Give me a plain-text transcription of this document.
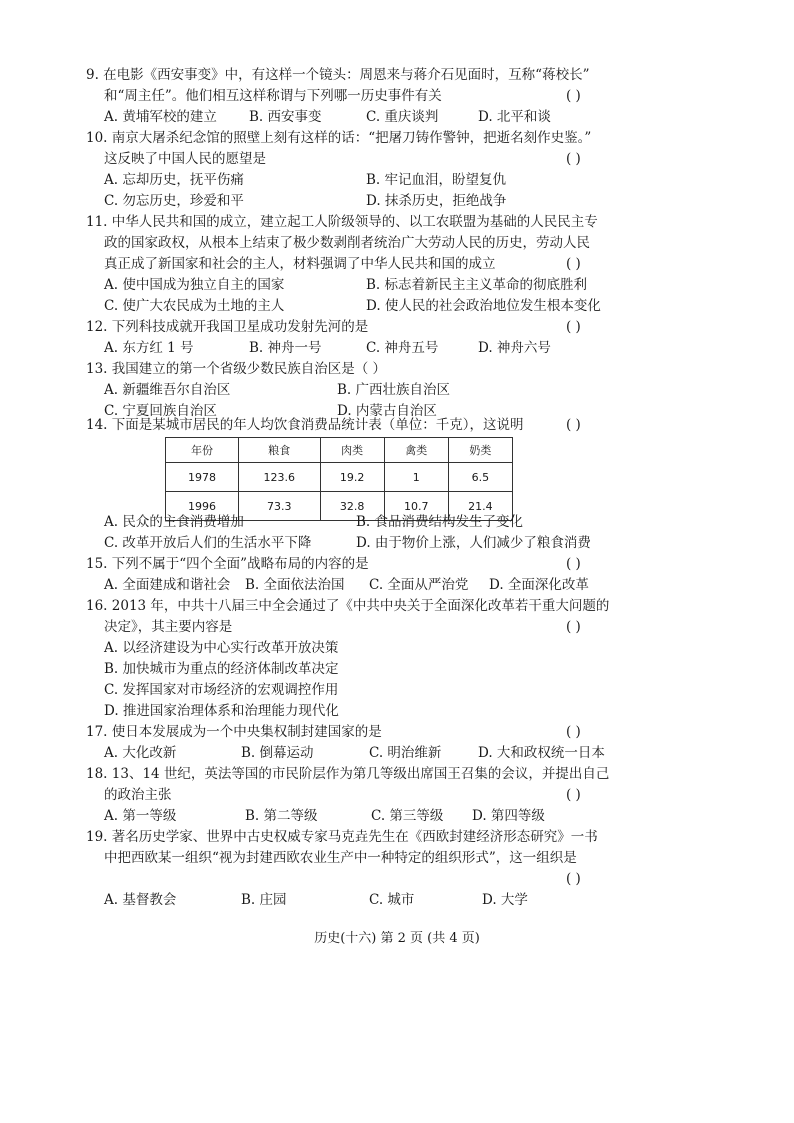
9. 在电影《西安事变》中，有这样一个镜头：周恩来与蒋介石见面时，互称“蒋校长”
和“周主任”。他们相互这样称谓与下列哪一历史事件有关	( )
A. 黄埔军校的建立 B. 西安事变	C. 重庆谈判	D. 北平和谈
10. 南京大屠杀纪念馆的照壁上刻有这样的话：“把屠刀铸作警钟，把逝名刻作史鉴。”
这反映了中国人民的愿望是	( )
A. 忘却历史，抚平伤痛	B. 牢记血泪，盼望复仇
C. 勿忘历史，珍爱和平	D. 抹杀历史，拒绝战争
11. 中华人民共和国的成立，建立起工人阶级领导的、以工农联盟为基础的人民民主专
政的国家政权，从根本上结束了极少数剥削者统治广大劳动人民的历史，劳动人民
真正成了新国家和社会的主人，材料强调了中华人民共和国的成立	( )
A. 使中国成为独立自主的国家	B. 标志着新民主主义革命的彻底胜利
C. 使广大农民成为土地的主人	D. 使人民的社会政治地位发生根本变化
12. 下列科技成就开我国卫星成功发射先河的是	( )
A. 东方红 1 号	B. 神舟一号	C. 神舟五号	D. 神舟六号
13. 我国建立的第一个省级少数民族自治区是（ ）
A. 新疆维吾尔自治区	B. 广西壮族自治区
C. 宁夏回族自治区	D. 内蒙古自治区
14. 下面是某城市居民的年人均饮食消费品统计表（单位：千克），这说明	( )
年份	粮食	肉类	禽类	奶类
1978	123.6	19.2	1	6.5
1996	73.3	32.8	10.7	21.4
A. 民众的主食消费增加	B. 食品消费结构发生了变化
C. 改革开放后人们的生活水平下降	D. 由于物价上涨，人们减少了粮食消费
15. 下列不属于“四个全面”战略布局的内容的是	( )
A. 全面建成和谐社会 B. 全面依法治国 C. 全面从严治党 D. 全面深化改革
16. 2013 年，中共十八届三中全会通过了《中共中央关于全面深化改革若干重大问题的
决定》，其主要内容是	( )
A. 以经济建设为中心实行改革开放决策
B. 加快城市为重点的经济体制改革决定
C. 发挥国家对市场经济的宏观调控作用
D. 推进国家治理体系和治理能力现代化
17. 使日本发展成为一个中央集权制封建国家的是	( )
A. 大化改新	B. 倒幕运动	C. 明治维新	D. 大和政权统一日本
18. 13、14 世纪，英法等国的市民阶层作为第几等级出席国王召集的会议，并提出自己
的政治主张	( )
A. 第一等级	B. 第二等级	C. 第三等级 D. 第四等级
19. 著名历史学家、世界中古史权威专家马克垚先生在《西欧封建经济形态研究》一书
中把西欧某一组织“视为封建西欧农业生产中一种特定的组织形式”，这一组织是
( )
A. 基督教会	B. 庄园	C. 城市	D. 大学
历史(十六) 第 2 页 (共 4 页)
